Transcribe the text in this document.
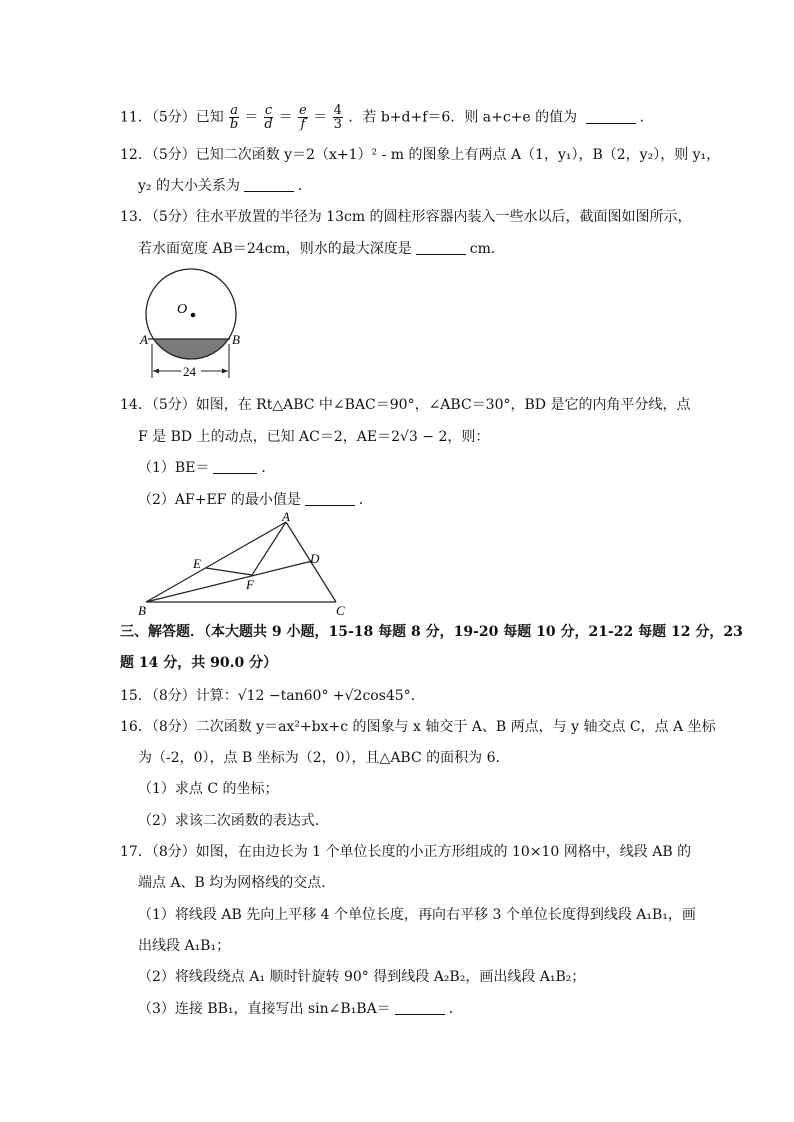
11．（5分）已知 $\frac{a}{b} = \frac{c}{d} = \frac{e}{f} = \frac{4}{3}$ ．若 b+d+f＝6．则 a+c+e 的值为	．
12．（5分）已知二次函数 y＝2（x+1）² ‑ m 的图象上有两点 A（1，y₁），B（2，y₂），则 y₁，
y₂ 的大小关系为	．
13．（5分）往水平放置的半径为 13cm 的圆柱形容器内装入一些水以后，截面图如图所示，
若水面宽度 AB＝24cm，则水的最大深度是	cm．
O
A	B
24
14．（5分）如图，在 Rt△ABC 中∠BAC＝90°，∠ABC＝30°，BD 是它的内角平分线，点
F 是 BD 上的动点，已知 AC＝2，AE＝2√3 − 2，则：
（1）BE＝	．
（2）AF+EF 的最小值是	．
A
B	C
D
E
F
三、解答题．（本大题共 9 小题，15‑18 每题 8 分，19‑20 每题 10 分，21‑22 每题 12 分，23
题 14 分，共 90.0 分）
15．（8分）计算：√12 −tan60° +√2cos45°．
16．（8分）二次函数 y＝ax²+bx+c 的图象与 x 轴交于 A、B 两点，与 y 轴交点 C，点 A 坐标
为（‑2，0），点 B 坐标为（2，0），且△ABC 的面积为 6．
（1）求点 C 的坐标；
（2）求该二次函数的表达式．
17．（8分）如图，在由边长为 1 个单位长度的小正方形组成的 10×10 网格中，线段 AB 的
端点 A、B 均为网格线的交点．
（1）将线段 AB 先向上平移 4 个单位长度，再向右平移 3 个单位长度得到线段 A₁B₁，画
出线段 A₁B₁；
（2）将线段绕点 A₁ 顺时针旋转 90° 得到线段 A₂B₂，画出线段 A₁B₂；
（3）连接 BB₁，直接写出 sin∠B₁BA＝	．
